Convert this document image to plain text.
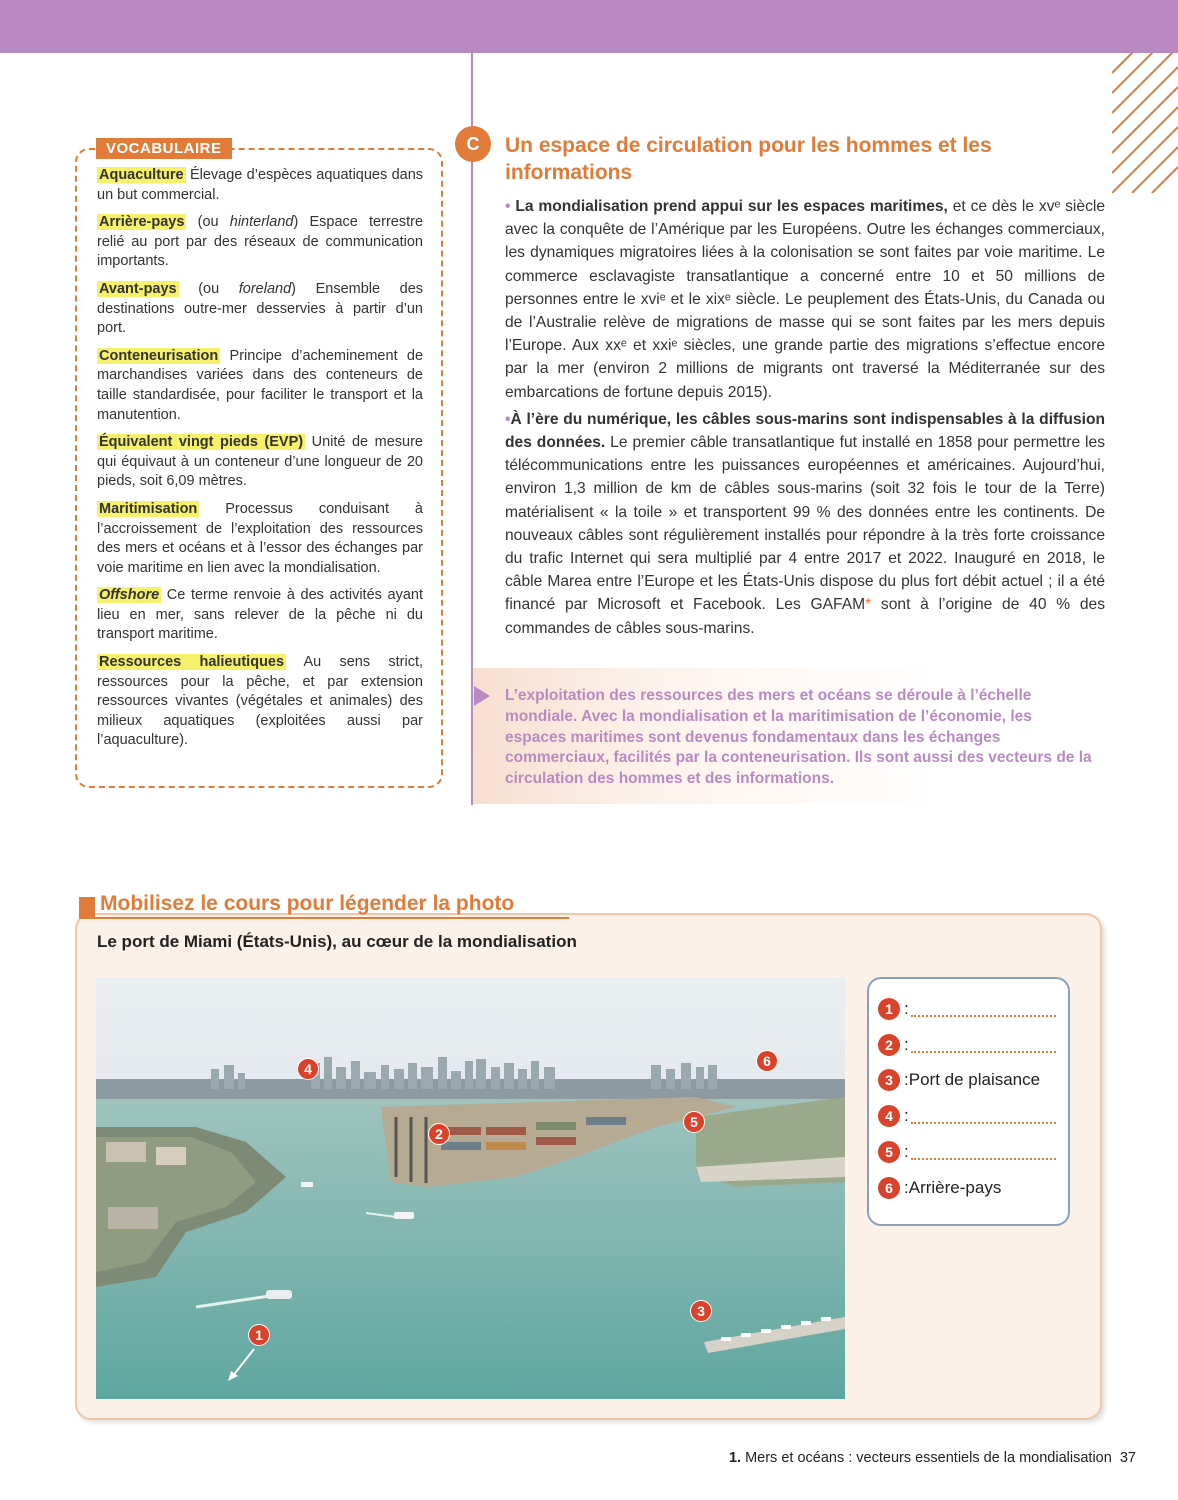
VOCABULAIRE
Aquaculture Élevage d’espèces aquatiques dans un but commercial.
Arrière-pays (ou hinterland) Espace terrestre relié au port par des réseaux de communication importants.
Avant-pays (ou foreland) Ensemble des destinations outre-mer desservies à partir d’un port.
Conteneurisation Principe d’acheminement de marchandises variées dans des conteneurs de taille standardisée, pour faciliter le transport et la manutention.
Équivalent vingt pieds (EVP) Unité de mesure qui équivaut à un conteneur d’une longueur de 20 pieds, soit 6,09 mètres.
Maritimisation Processus conduisant à l’accroissement de l’exploitation des ressources des mers et océans et à l’essor des échanges par voie maritime en lien avec la mondialisation.
Offshore Ce terme renvoie à des activités ayant lieu en mer, sans relever de la pêche ni du transport maritime.
Ressources halieutiques Au sens strict, ressources pour la pêche, et par extension ressources vivantes (végétales et animales) des milieux aquatiques (exploitées aussi par l’aquaculture).
C	Un espace de circulation pour les hommes et les informations

• La mondialisation prend appui sur les espaces maritimes, et ce dès le xvᵉ siècle avec la conquête de l’Amérique par les Européens. Outre les échanges commerciaux, les dynamiques migratoires liées à la colonisation se sont faites par voie maritime. Le commerce esclavagiste transatlantique a concerné entre 10 et 50 millions de personnes entre le xviᵉ et le xixᵉ siècle. Le peuplement des États-Unis, du Canada ou de l’Australie relève de migrations de masse qui se sont faites par les mers depuis l’Europe. Aux xxᵉ et xxiᵉ siècles, une grande partie des migrations s’effectue encore par la mer (environ 2 millions de migrants ont traversé la Méditerranée sur des embarcations de fortune depuis 2015).

•À l’ère du numérique, les câbles sous-marins sont indispensables à la diffusion des données. Le premier câble transatlantique fut installé en 1858 pour permettre les télécommunications entre les puissances européennes et américaines. Aujourd’hui, environ 1,3 million de km de câbles sous-marins (soit 32 fois le tour de la Terre) matérialisent « la toile » et transportent 99 % des données entre les continents. De nouveaux câbles sont régulièrement installés pour répondre à la très forte croissance du trafic Internet qui sera multiplié par 4 entre 2017 et 2022. Inauguré en 2018, le câble Marea entre l’Europe et les États-Unis dispose du plus fort débit actuel ; il a été financé par Microsoft et Facebook. Les GAFAM* sont à l’origine de 40 % des commandes de câbles sous-marins.

L’exploitation des ressources des mers et océans se déroule à l’échelle mondiale. Avec la mondialisation et la maritimisation de l’économie, les espaces maritimes sont devenus fondamentaux dans les échanges commerciaux, facilités par la conteneurisation. Ils sont aussi des vecteurs de la circulation des hommes et des informations.
Mobilisez le cours pour légender la photo
Le port de Miami (États-Unis), au cœur de la mondialisation
1
2
3
4
5
6
1 :
2 :
3 : Port de plaisance
4 :
5 :
6 : Arrière-pays
1. Mers et océans : vecteurs essentiels de la mondialisation 37
